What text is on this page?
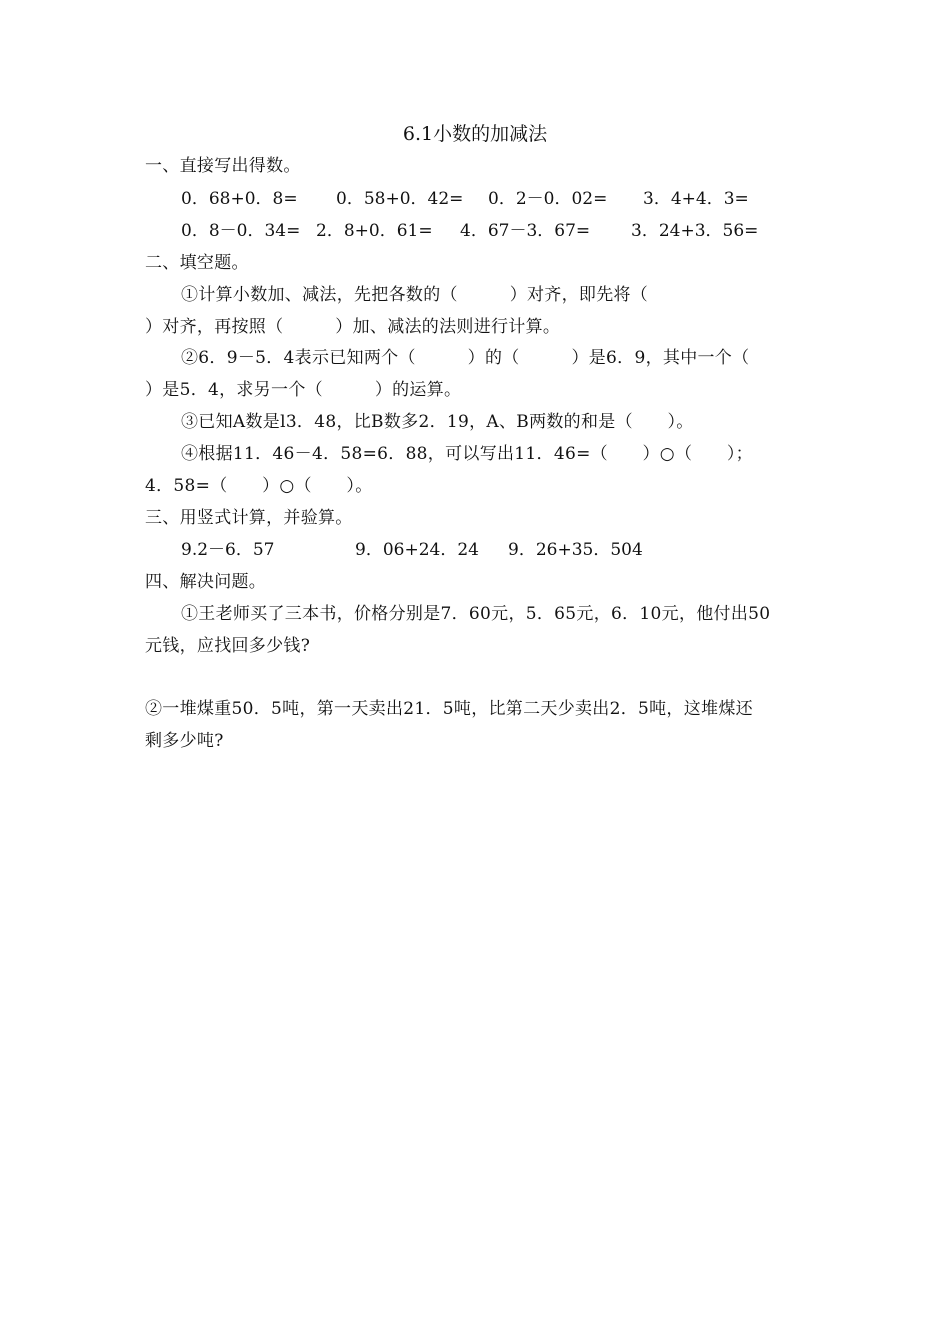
6.1小数的加减法
一、直接写出得数。
0．68+0．8= 0．58+0．42= 0．2－0．02= 3．4+4．3=
0．8－0．34= 2．8+0．61= 4．67－3．67= 3．24+3．56=
二、填空题。
①计算小数加、减法，先把各数的（　　　）对齐，即先将（
）对齐，再按照（　　　）加、减法的法则进行计算。
②6．9－5．4表示已知两个（　　　）的（　　　）是6．9，其中一个（
）是5．4，求另一个（　　　）的运算。
③已知A数是l3．48，比B数多2．19，A、B两数的和是（　　）。
④根据11．46－4．58=6．88，可以写出11．46=（　　）○（　　）；
4．58=（　　）○（　　）。
三、用竖式计算，并验算。
9.2－6．57	9．06+24．24 9．26+35．504
四、解决问题。
①王老师买了三本书，价格分别是7．60元，5．65元，6．10元，他付出50
元钱，应找回多少钱?
②一堆煤重50．5吨，第一天卖出21．5吨，比第二天少卖出2．5吨，这堆煤还
剩多少吨?
